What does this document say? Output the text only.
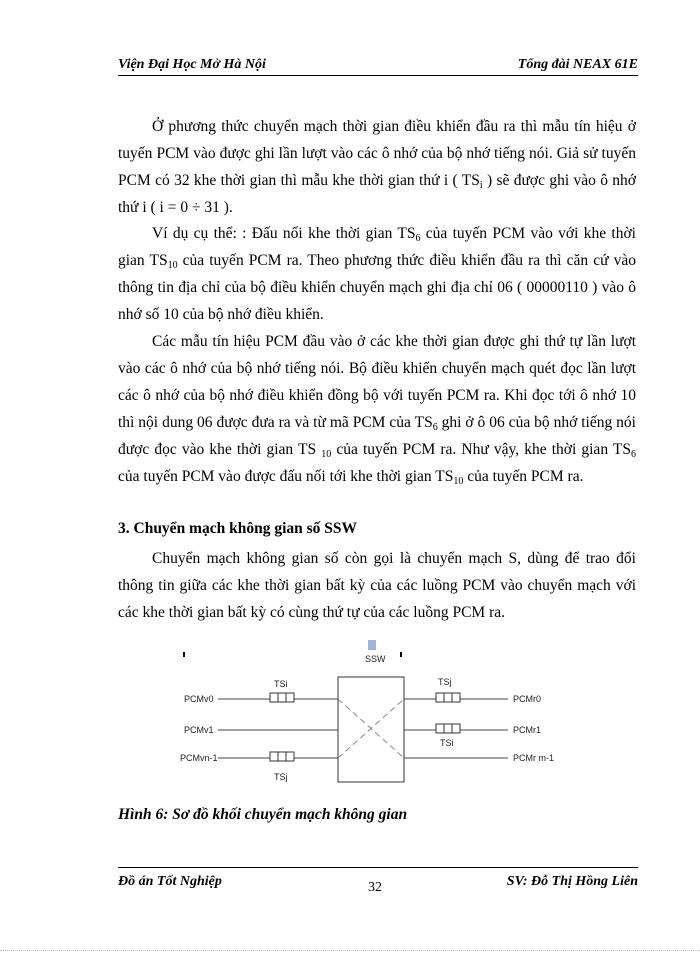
Viện Đại Học Mở Hà Nội	Tổng đài NEAX 61E

Ở phương thức chuyển mạch thời gian điều khiển đầu ra thì mẫu tín hiệu ở tuyến PCM vào được ghi lần lượt vào các ô nhớ của bộ nhớ tiếng nói. Giả sử tuyến PCM có 32 khe thời gian thì mẫu khe thời gian thứ i ( $TS_i$ ) sẽ được ghi vào ô nhớ thứ i ( i = 0 ÷ 31 ).

Ví dụ cụ thể: : Đấu nối khe thời gian $TS_6$ của tuyến PCM vào với khe thời gian $TS_{10}$ của tuyến PCM ra. Theo phương thức điều khiển đầu ra thì căn cứ vào thông tin địa chỉ của bộ điều khiển chuyển mạch ghi địa chỉ 06 ( 00000110 ) vào ô nhớ số 10 của bộ nhớ điều khiển.

Các mẫu tín hiệu PCM đầu vào ở các khe thời gian được ghi thứ tự lần lượt vào các ô nhớ của bộ nhớ tiếng nói. Bộ điều khiển chuyển mạch quét đọc lần lượt các ô nhớ của bộ nhớ điều khiển đồng bộ với tuyến PCM ra. Khi đọc tới ô nhớ 10 thì nội dung 06 được đưa ra và từ mã PCM của $TS_6$ ghi ở ô 06 của bộ nhớ tiếng nói được đọc vào khe thời gian TS $_{10}$ của tuyến PCM ra. Như vậy, khe thời gian $TS_6$ của tuyến PCM vào được đấu nối tới khe thời gian $TS_{10}$ của tuyến PCM ra.

3. Chuyển mạch không gian số SSW

Chuyển mạch không gian số còn gọi là chuyển mạch S, dùng để trao đổi thông tin giữa các khe thời gian bất kỳ của các luồng PCM vào chuyển mạch với các khe thời gian bất kỳ có cùng thứ tự của các luồng PCM ra.

SSW
PCMv0
PCMv1
PCMvn-1
PCMr0
PCMr1
PCMr m-1
TSi
TSj
TSj
TSi
Hình 6: Sơ đồ khối chuyển mạch không gian
Đồ án Tốt Nghiệp	32	SV: Đỗ Thị Hồng Liên
